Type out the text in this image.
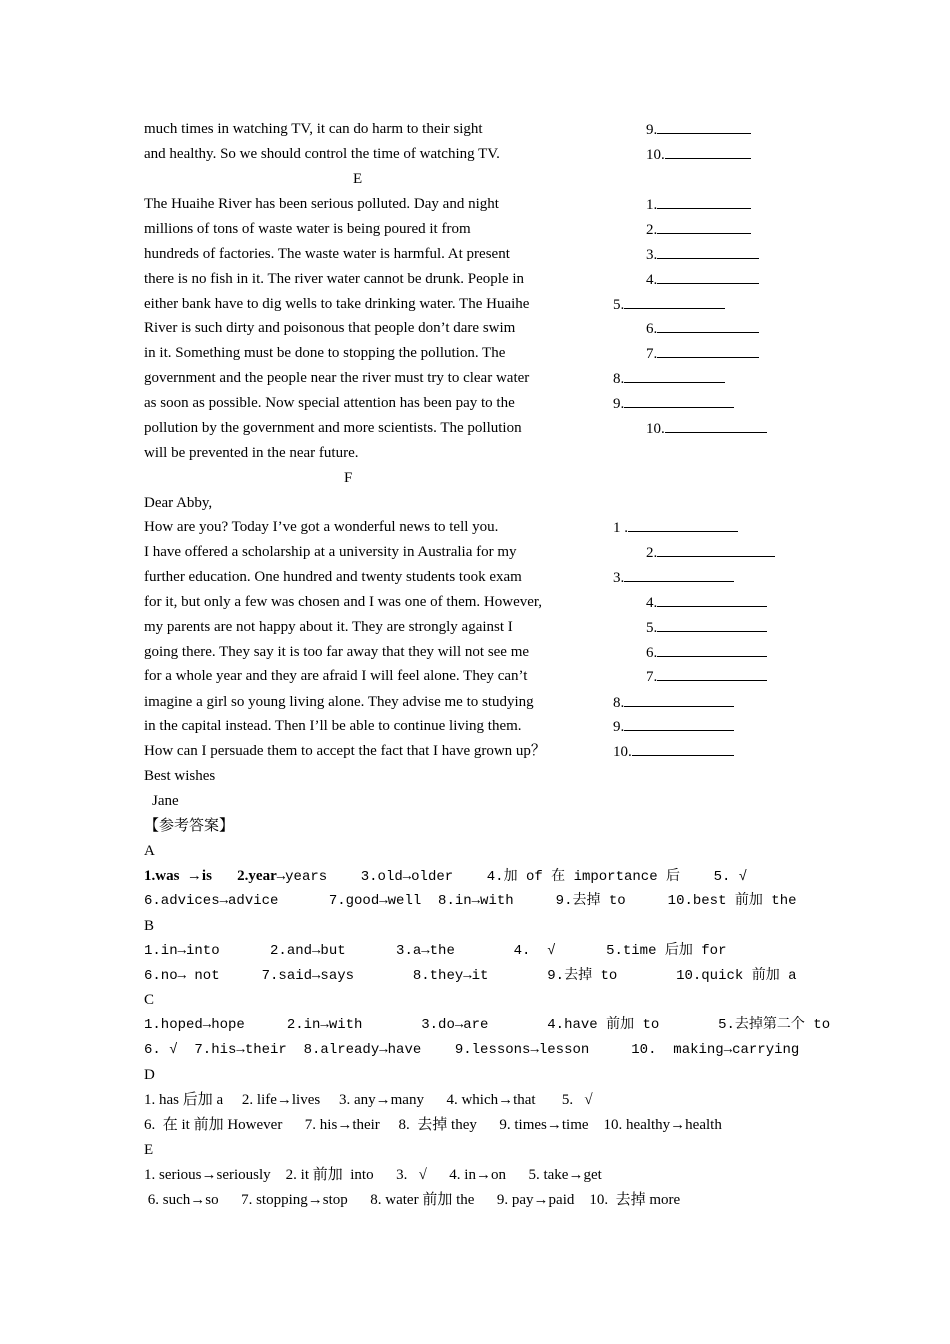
much times in watching TV, it can do harm to their sight
and healthy. So we should control the time of watching TV.
9.
10.
E
The Huaihe River has been serious polluted. Day and night
millions of tons of waste water is being poured it from
hundreds of factories. The waste water is harmful. At present
there is no fish in it. The river water cannot be drunk. People in
either bank have to dig wells to take drinking water. The Huaihe
River is such dirty and poisonous that people don’t dare swim
in it. Something must be done to stopping the pollution. The
government and the people near the river must try to clear water
as soon as possible. Now special attention has been pay to the
pollution by the government and more scientists. The pollution
will be prevented in the near future.
1.
2.
3.
4.
5.
6.
7.
8.
9.
10.
F
Dear Abby,
How are you? Today I’ve got a wonderful news to tell you.
I have offered a scholarship at a university in Australia for my
further education. One hundred and twenty students took exam
for it, but only a few was chosen and I was one of them. However,
my parents are not happy about it. They are strongly against I
going there. They say it is too far away that they will not see me
for a whole year and they are afraid I will feel alone. They can’t
imagine a girl so young living alone. They advise me to studying
in the capital instead. Then I’ll be able to continue living them.
How can I persuade them to accept the fact that I have grown up？
Best wishes
Jane
1 .
2.
3.
4.
5.
6.
7.
8.
9.
10.
【参考答案】
A
1.was  →is 2.year→years    3.old→older    4.加 of 在 importance 后    5. √
6.advices→advice      7.good→well  8.in→with     9.去掉 to     10.best 前加 the
B
1.in→into      2.and→but      3.a→the       4.  √      5.time 后加 for
6.no→ not     7.said→says       8.they→it       9.去掉 to       10.quick 前加 a
C
1.hoped→hope     2.in→with       3.do→are       4.have 前加 to       5.去掉第二个 to
6. √  7.his→their  8.already→have    9.lessons→lesson     10.  making→carrying
D
1. has 后加 a     2. life→lives     3. any→many      4. which→that       5.   √
6.  在 it 前加 However      7. his→their     8.  去掉 they      9. times→time    10. healthy→health
E
1. serious→seriously    2. it 前加  into      3.   √      4. in→on      5. take→get
6. such→so      7. stopping→stop      8. water 前加 the      9. pay→paid    10.  去掉 more
